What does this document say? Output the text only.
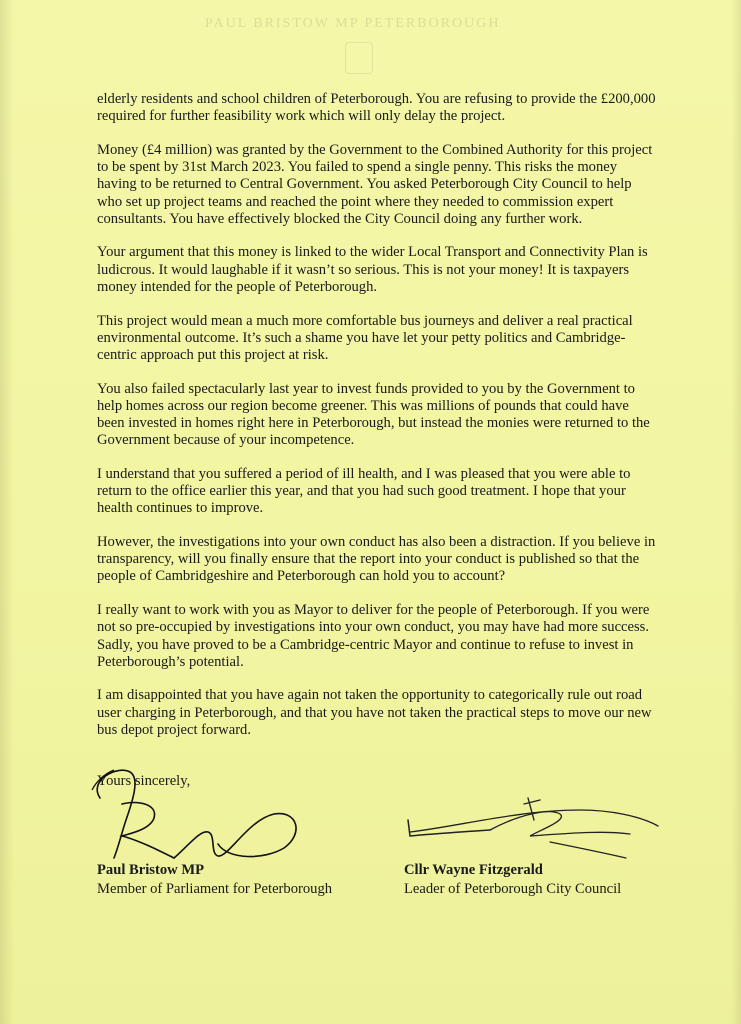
PAUL BRISTOW MP PETERBOROUGH

elderly residents and school children of Peterborough. You are refusing to provide the £200,000 required for further feasibility work which will only delay the project.

Money (£4 million) was granted by the Government to the Combined Authority for this project to be spent by 31st March 2023. You failed to spend a single penny. This risks the money having to be returned to Central Government. You asked Peterborough City Council to help who set up project teams and reached the point where they needed to commission expert consultants. You have effectively blocked the City Council doing any further work.

Your argument that this money is linked to the wider Local Transport and Connectivity Plan is ludicrous. It would laughable if it wasn’t so serious. This is not your money! It is taxpayers money intended for the people of Peterborough.

This project would mean a much more comfortable bus journeys and deliver a real practical environmental outcome. It’s such a shame you have let your petty politics and Cambridge-centric approach put this project at risk.

You also failed spectacularly last year to invest funds provided to you by the Government to help homes across our region become greener. This was millions of pounds that could have been invested in homes right here in Peterborough, but instead the monies were returned to the Government because of your incompetence.

I understand that you suffered a period of ill health, and I was pleased that you were able to return to the office earlier this year, and that you had such good treatment. I hope that your health continues to improve.

However, the investigations into your own conduct has also been a distraction. If you believe in transparency, will you finally ensure that the report into your conduct is published so that the people of Cambridgeshire and Peterborough can hold you to account?

I really want to work with you as Mayor to deliver for the people of Peterborough. If you were not so pre-occupied by investigations into your own conduct, you may have had more success. Sadly, you have proved to be a Cambridge-centric Mayor and continue to refuse to invest in Peterborough’s potential.

I am disappointed that you have again not taken the opportunity to categorically rule out road user charging in Peterborough, and that you have not taken the practical steps to move our new bus depot project forward.

Yours sincerely,
Paul Bristow MP
Member of Parliament for Peterborough
Cllr Wayne Fitzgerald
Leader of Peterborough City Council
